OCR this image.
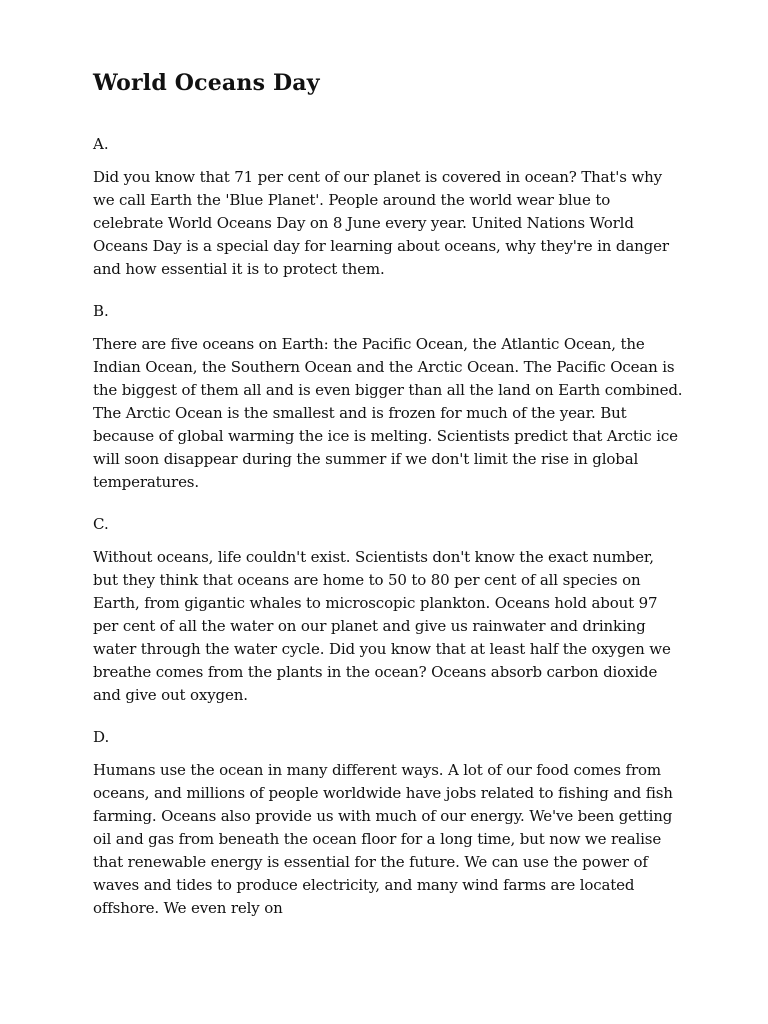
World Oceans Day

A.

Did you know that 71 per cent of our planet is covered in ocean? That's why we call Earth the 'Blue Planet'. People around the world wear blue to celebrate World Oceans Day on 8 June every year. United Nations World Oceans Day is a special day for learning about oceans, why they're in danger and how essential it is to protect them.

B.

There are five oceans on Earth: the Pacific Ocean, the Atlantic Ocean, the Indian Ocean, the Southern Ocean and the Arctic Ocean. The Pacific Ocean is the biggest of them all and is even bigger than all the land on Earth combined. The Arctic Ocean is the smallest and is frozen for much of the year. But because of global warming the ice is melting. Scientists predict that Arctic ice will soon disappear during the summer if we don't limit the rise in global temperatures.

C.

Without oceans, life couldn't exist. Scientists don't know the exact number, but they think that oceans are home to 50 to 80 per cent of all species on Earth, from gigantic whales to microscopic plankton. Oceans hold about 97 per cent of all the water on our planet and give us rainwater and drinking water through the water cycle. Did you know that at least half the oxygen we breathe comes from the plants in the ocean? Oceans absorb carbon dioxide and give out oxygen.

D.

Humans use the ocean in many different ways. A lot of our food comes from oceans, and millions of people worldwide have jobs related to fishing and fish farming. Oceans also provide us with much of our energy. We've been getting oil and gas from beneath the ocean floor for a long time, but now we realise that renewable energy is essential for the future. We can use the power of waves and tides to produce electricity, and many wind farms are located offshore. We even rely on
